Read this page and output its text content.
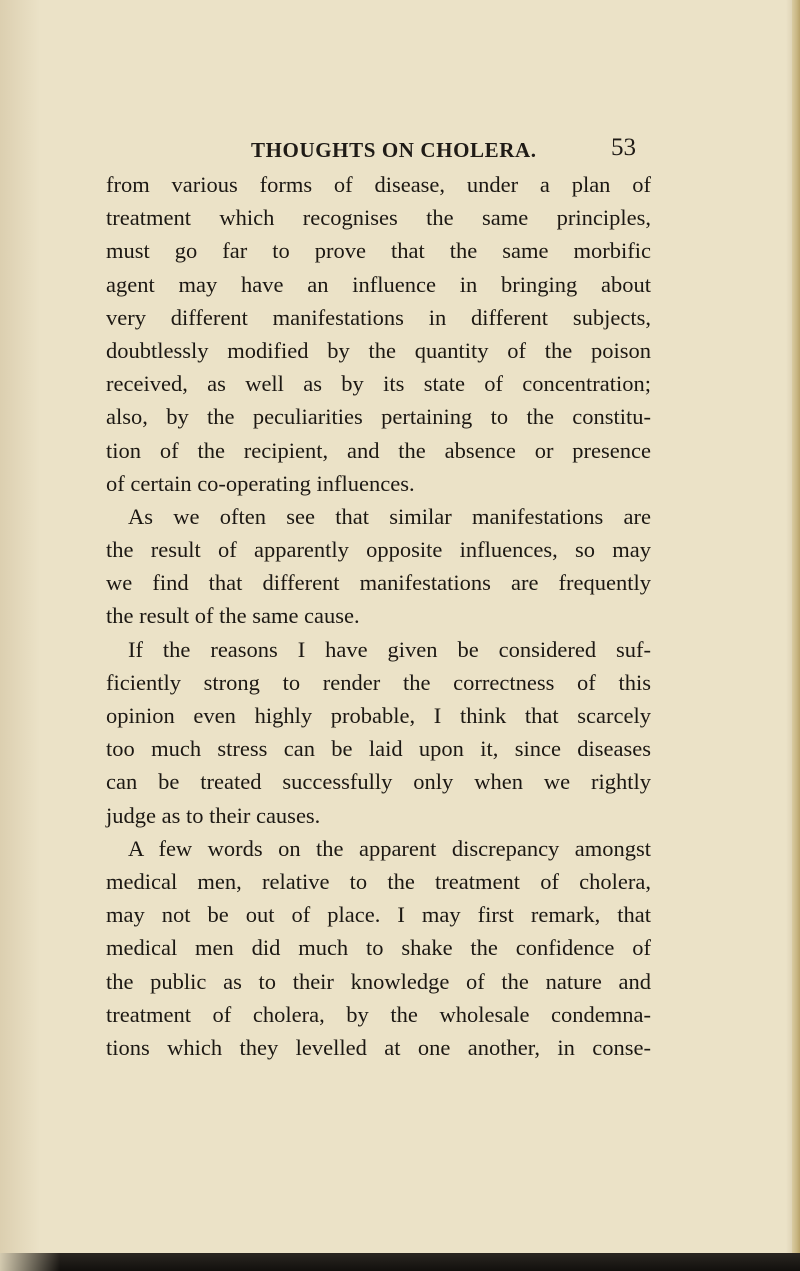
THOUGHTS ON CHOLERA.	53
from various forms of disease, under a plan of
treatment which recognises the same principles,
must go far to prove that the same morbific
agent may have an influence in bringing about
very different manifestations in different subjects,
doubtlessly modified by the quantity of the poison
received, as well as by its state of concentration;
also, by the peculiarities pertaining to the constitu-
tion of the recipient, and the absence or presence
of certain co-operating influences.
As we often see that similar manifestations are
the result of apparently opposite influences, so may
we find that different manifestations are frequently
the result of the same cause.
If the reasons I have given be considered suf-
ficiently strong to render the correctness of this
opinion even highly probable, I think that scarcely
too much stress can be laid upon it, since diseases
can be treated successfully only when we rightly
judge as to their causes.
A few words on the apparent discrepancy amongst
medical men, relative to the treatment of cholera,
may not be out of place. I may first remark, that
medical men did much to shake the confidence of
the public as to their knowledge of the nature and
treatment of cholera, by the wholesale condemna-
tions which they levelled at one another, in conse-
